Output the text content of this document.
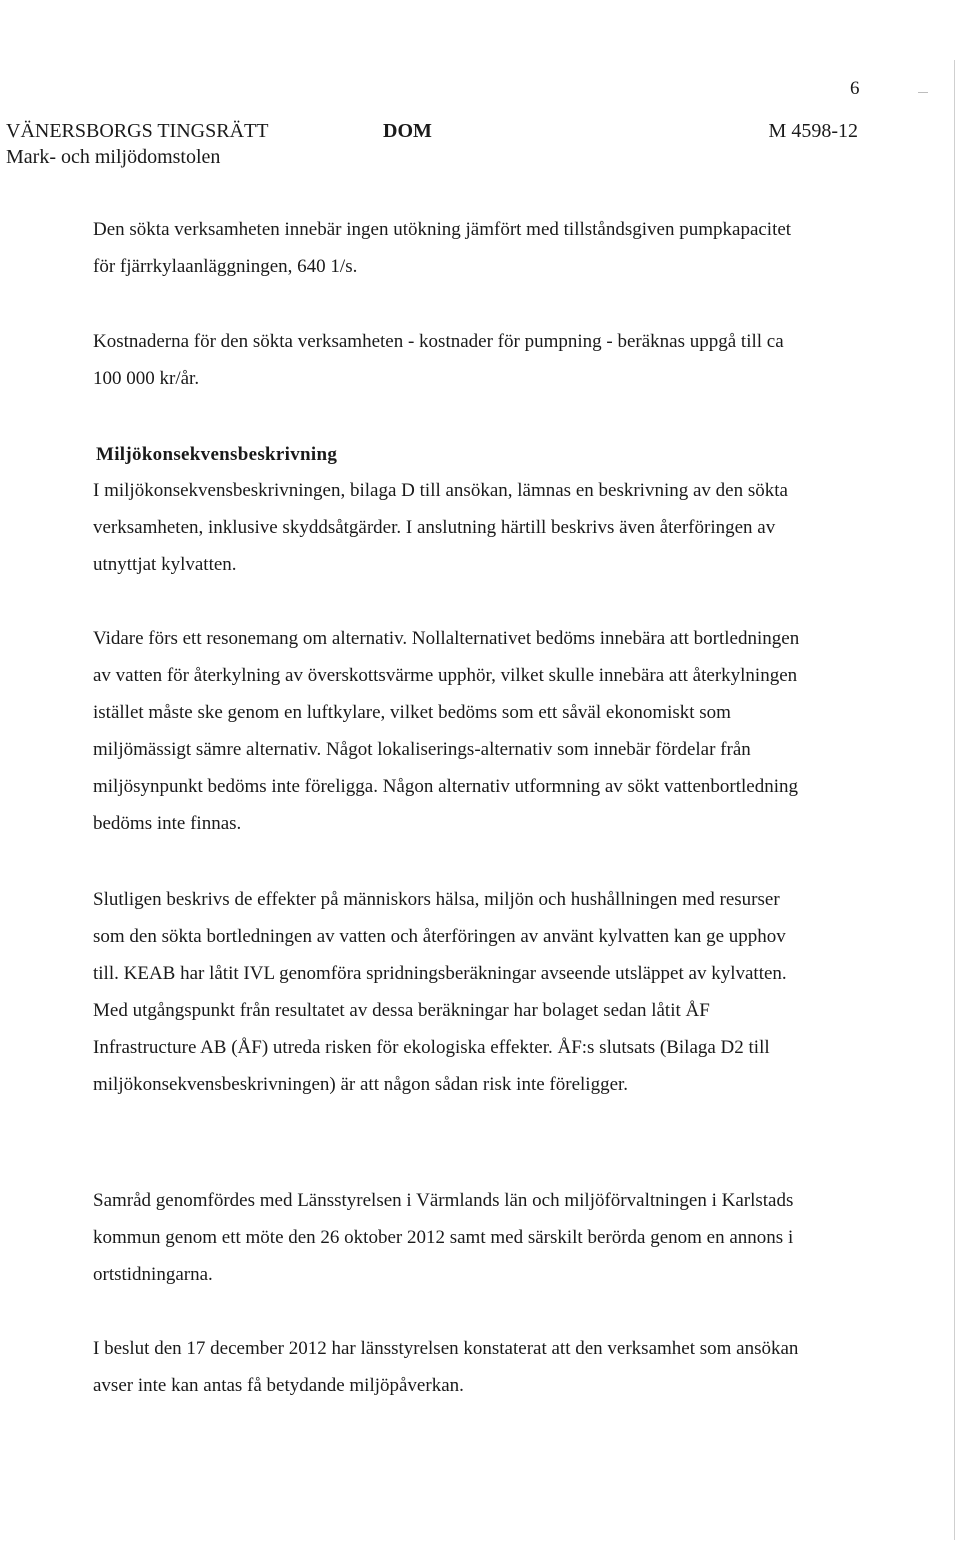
6
VÄNERSBORGS TINGSRÄTT
Mark- och miljödomstolen
DOM	M 4598-12

Den sökta verksamheten innebär ingen utökning jämfört med tillståndsgiven pumpkapacitet för fjärrkylaanläggningen, 640 1/s.

Kostnaderna för den sökta verksamheten - kostnader för pumpning - beräknas uppgå till ca 100 000 kr/år.

Miljökonsekvensbeskrivning

I miljökonsekvensbeskrivningen, bilaga D till ansökan, lämnas en beskrivning av den sökta verksamheten, inklusive skyddsåtgärder. I anslutning härtill beskrivs även återföringen av utnyttjat kylvatten.

Vidare förs ett resonemang om alternativ. Nollalternativet bedöms innebära att bortledningen av vatten för återkylning av överskottsvärme upphör, vilket skulle innebära att återkylningen istället måste ske genom en luftkylare, vilket bedöms som ett såväl ekonomiskt som miljömässigt sämre alternativ. Något lokaliserings-alternativ som innebär fördelar från miljösynpunkt bedöms inte föreligga. Någon alternativ utformning av sökt vattenbortledning bedöms inte finnas.

Slutligen beskrivs de effekter på människors hälsa, miljön och hushållningen med resurser som den sökta bortledningen av vatten och återföringen av använt kylvatten kan ge upphov till. KEAB har låtit IVL genomföra spridningsberäkningar avseende utsläppet av kylvatten. Med utgångspunkt från resultatet av dessa beräkningar har bolaget sedan låtit ÅF Infrastructure AB (ÅF) utreda risken för ekologiska effekter. ÅF:s slutsats (Bilaga D2 till miljökonsekvensbeskrivningen) är att någon sådan risk inte föreligger.

Samråd genomfördes med Länsstyrelsen i Värmlands län och miljöförvaltningen i Karlstads kommun genom ett möte den 26 oktober 2012 samt med särskilt berörda genom en annons i ortstidningarna.

I beslut den 17 december 2012 har länsstyrelsen konstaterat att den verksamhet som ansökan avser inte kan antas få betydande miljöpåverkan.
